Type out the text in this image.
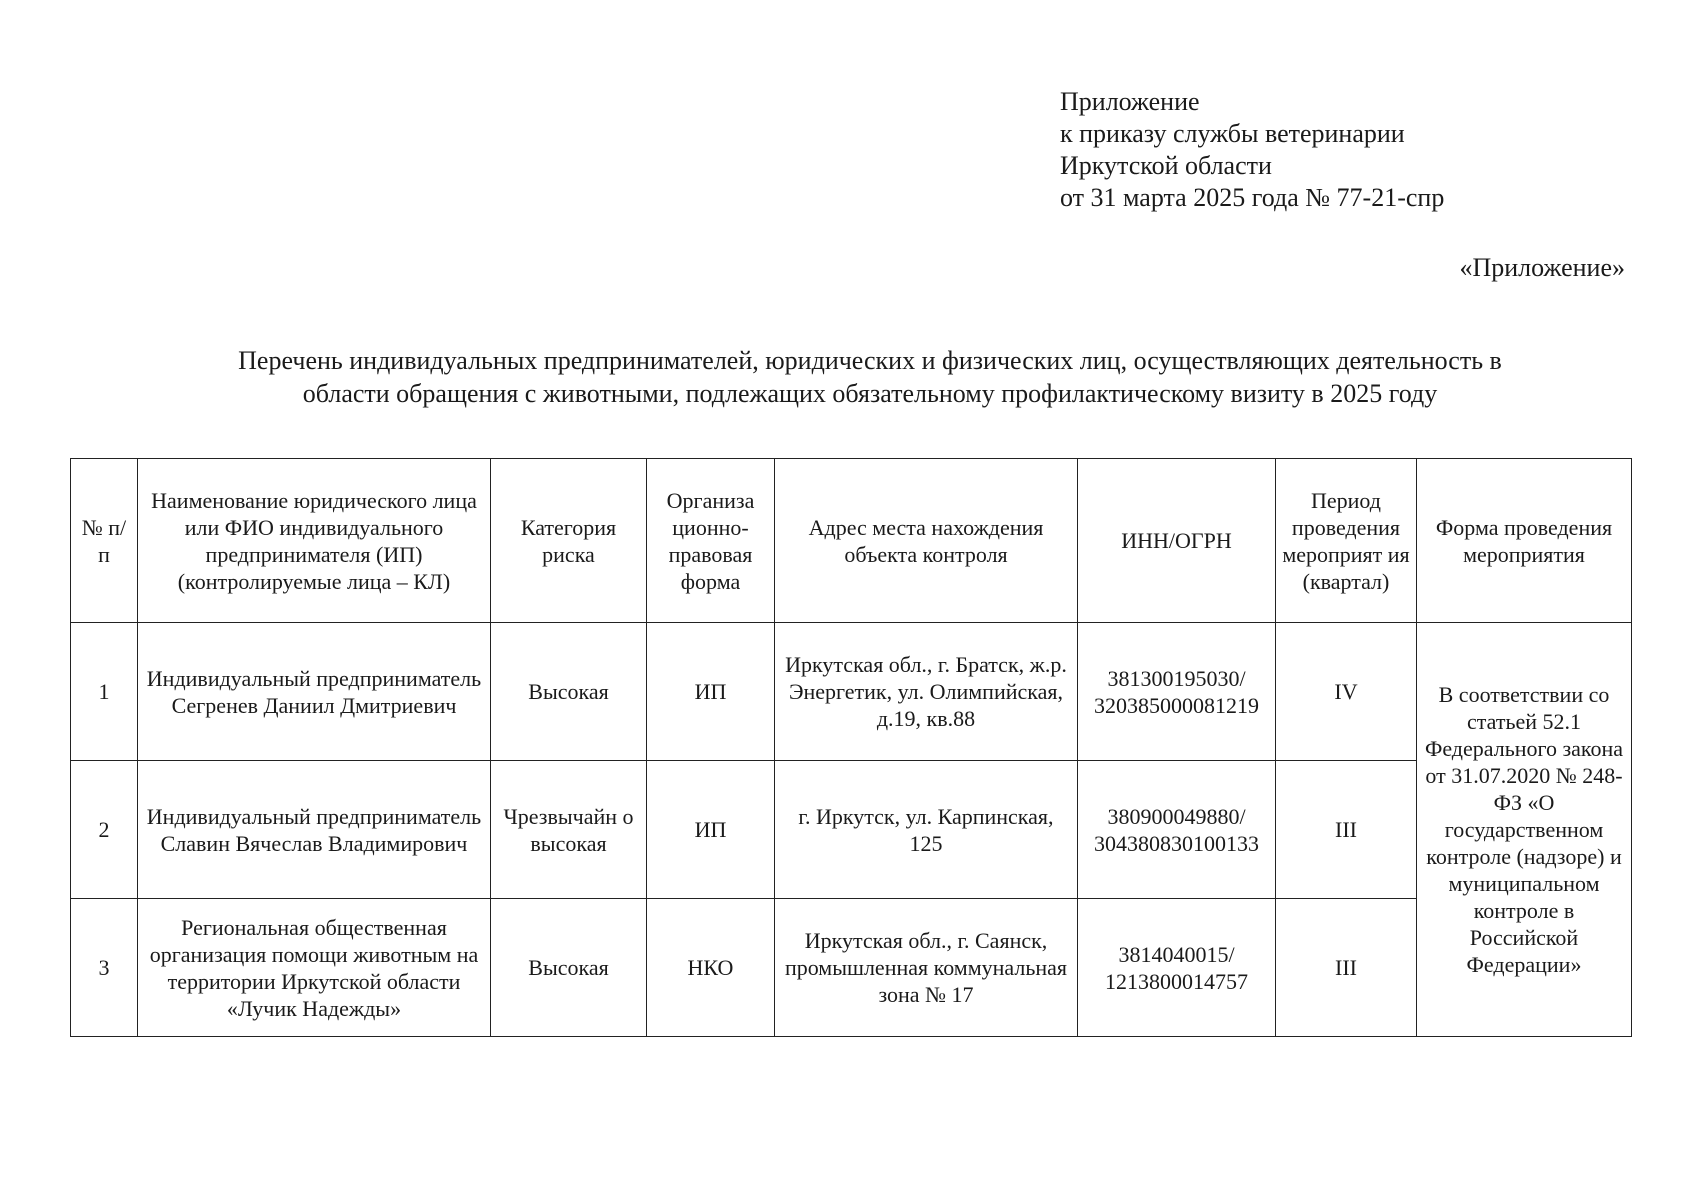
Приложение
к приказу службы ветеринарии
Иркутской области
от 31 марта 2025 года № 77-21-спр
«Приложение»
Перечень индивидуальных предпринимателей, юридических и физических лиц, осуществляющих деятельность в
области обращения с животными, подлежащих обязательному профилактическому визиту в 2025 году
№ п/п	Наименование юридического лица или ФИО индивидуального предпринимателя (ИП) (контролируемые лица – КЛ)	Категория риска	Организа ционно-правовая форма	Адрес места нахождения объекта контроля	ИНН/ОГРН	Период проведения мероприят ия (квартал)	Форма проведения мероприятия
1	Индивидуальный предприниматель Сегренев Даниил Дмитриевич	Высокая	ИП	Иркутская обл., г. Братск, ж.р. Энергетик, ул. Олимпийская, д.19, кв.88	381300195030/ 320385000081219	IV	В соответствии со статьей 52.1 Федерального закона от 31.07.2020 № 248-ФЗ «О государственном контроле (надзоре) и муниципальном контроле в Российской Федерации»
2	Индивидуальный предприниматель Славин Вячеслав Владимирович	Чрезвычайн о высокая	ИП	г. Иркутск, ул. Карпинская, 125	380900049880/ 304380830100133	III	
3	Региональная общественная организация помощи животным на территории Иркутской области «Лучик Надежды»	Высокая	НКО	Иркутская обл., г. Саянск, промышленная коммунальная зона № 17	3814040015/ 1213800014757	III	
